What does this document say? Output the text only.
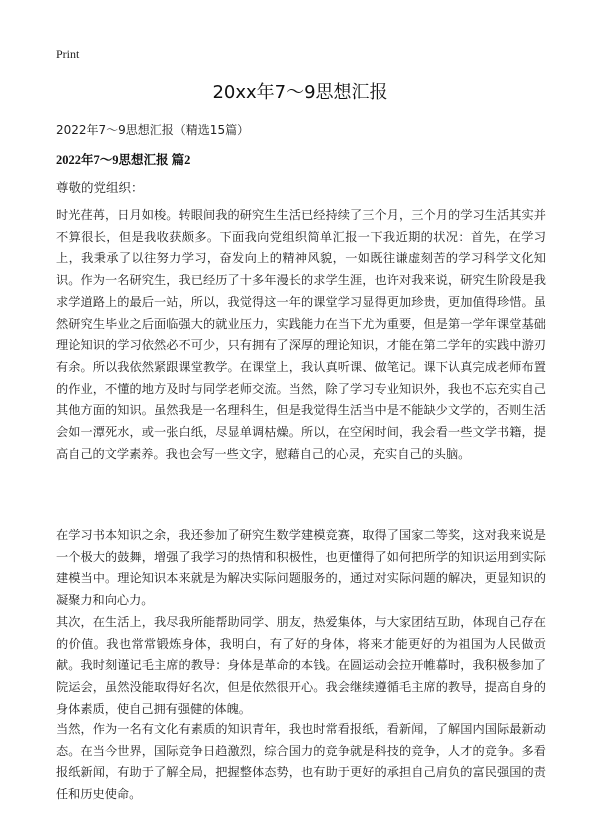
Print
20xx年7～9思想汇报
2022年7～9思想汇报（精选15篇）
2022年7～9思想汇报 篇2
尊敬的党组织：

时光荏苒，日月如梭。转眼间我的研究生生活已经持续了三个月，三个月的学习生活其实并不算很长，但是我收获颇多。下面我向党组织简单汇报一下我近期的状况：首先，在学习上，我秉承了以往努力学习，奋发向上的精神风貌，一如既往谦虚刻苦的学习科学文化知识。作为一名研究生，我已经历了十多年漫长的求学生涯，也许对我来说，研究生阶段是我求学道路上的最后一站，所以，我觉得这一年的课堂学习显得更加珍贵，更加值得珍惜。虽然研究生毕业之后面临强大的就业压力，实践能力在当下尤为重要，但是第一学年课堂基础理论知识的学习依然必不可少，只有拥有了深厚的理论知识，才能在第二学年的实践中游刃有余。所以我依然紧跟课堂教学。在课堂上，我认真听课、做笔记。课下认真完成老师布置的作业，不懂的地方及时与同学老师交流。当然，除了学习专业知识外，我也不忘充实自己其他方面的知识。虽然我是一名理科生，但是我觉得生活当中是不能缺少文学的，否则生活会如一潭死水，或一张白纸，尽显单调枯燥。所以，在空闲时间，我会看一些文学书籍，提高自己的文学素养。我也会写一些文字，慰藉自己的心灵，充实自己的头脑。

在学习书本知识之余，我还参加了研究生数学建模竞赛，取得了国家二等奖，这对我来说是一个极大的鼓舞，增强了我学习的热情和积极性，也更懂得了如何把所学的知识运用到实际建模当中。理论知识本来就是为解决实际问题服务的，通过对实际问题的解决，更显知识的凝聚力和向心力。

其次，在生活上，我尽我所能帮助同学、朋友，热爱集体，与大家团结互助，体现自己存在的价值。我也常常锻炼身体，我明白，有了好的身体，将来才能更好的为祖国为人民做贡献。我时刻谨记毛主席的教导：身体是革命的本钱。在圆运动会拉开帷幕时，我积极参加了院运会，虽然没能取得好名次，但是依然很开心。我会继续遵循毛主席的教导，提高自身的身体素质，使自己拥有强健的体魄。

当然，作为一名有文化有素质的知识青年，我也时常看报纸，看新闻，了解国内国际最新动态。在当今世界，国际竞争日趋激烈，综合国力的竞争就是科技的竞争，人才的竞争。多看报纸新闻，有助于了解全局，把握整体态势，也有助于更好的承担自己肩负的富民强国的责任和历史使命。
